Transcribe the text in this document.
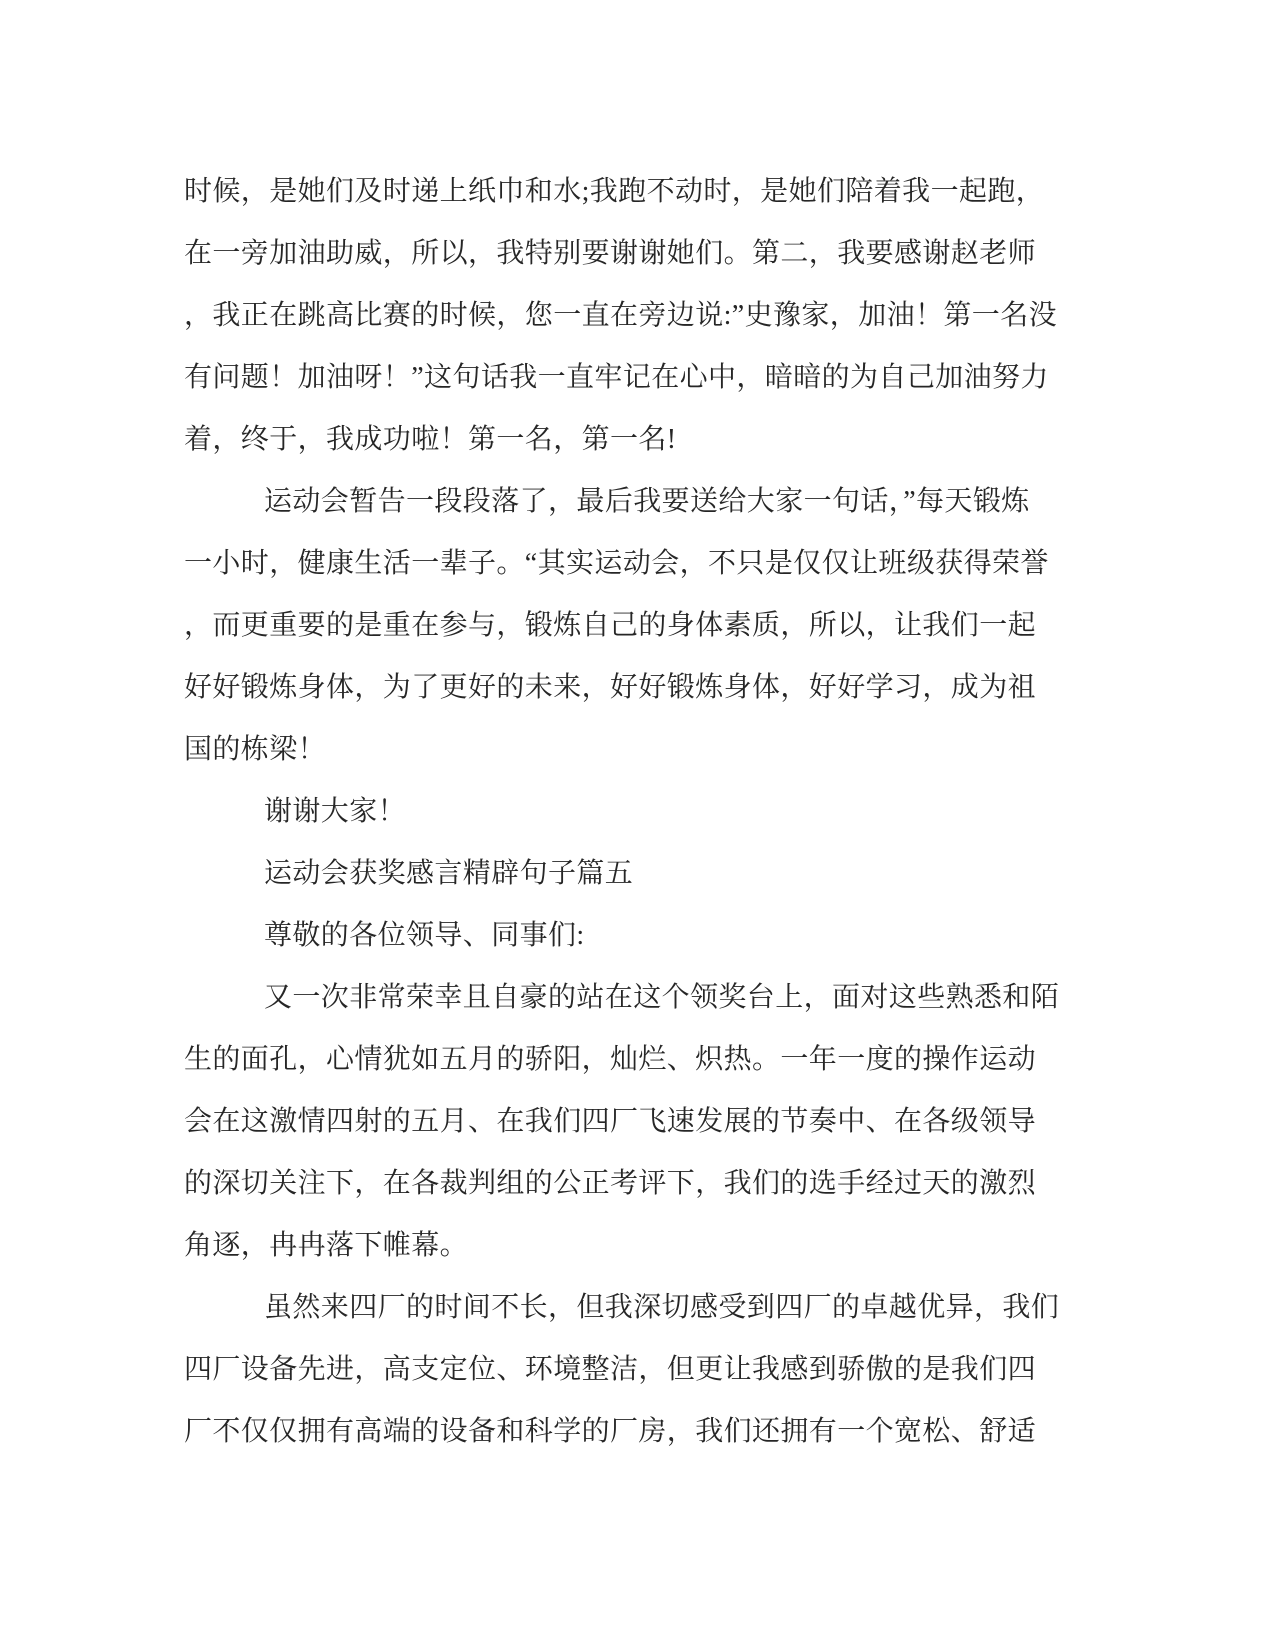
时候，是她们及时递上纸巾和水;我跑不动时，是她们陪着我一起跑，
在一旁加油助威，所以，我特别要谢谢她们。第二，我要感谢赵老师
，我正在跳高比赛的时候，您一直在旁边说:”史豫家，加油！第一名没
有问题！加油呀！”这句话我一直牢记在心中，暗暗的为自己加油努力
着，终于，我成功啦！第一名，第一名!
运动会暂告一段段落了，最后我要送给大家一句话，”每天锻炼
一小时，健康生活一辈子。“其实运动会，不只是仅仅让班级获得荣誉
，而更重要的是重在参与，锻炼自己的身体素质，所以，让我们一起
好好锻炼身体，为了更好的未来，好好锻炼身体，好好学习，成为祖
国的栋梁！
谢谢大家！
运动会获奖感言精辟句子篇五
尊敬的各位领导、同事们:
又一次非常荣幸且自豪的站在这个领奖台上，面对这些熟悉和陌
生的面孔，心情犹如五月的骄阳，灿烂、炽热。一年一度的操作运动
会在这激情四射的五月、在我们四厂飞速发展的节奏中、在各级领导
的深切关注下，在各裁判组的公正考评下，我们的选手经过天的激烈
角逐，冉冉落下帷幕。
虽然来四厂的时间不长，但我深切感受到四厂的卓越优异，我们
四厂设备先进，高支定位、环境整洁，但更让我感到骄傲的是我们四
厂不仅仅拥有高端的设备和科学的厂房，我们还拥有一个宽松、舒适
